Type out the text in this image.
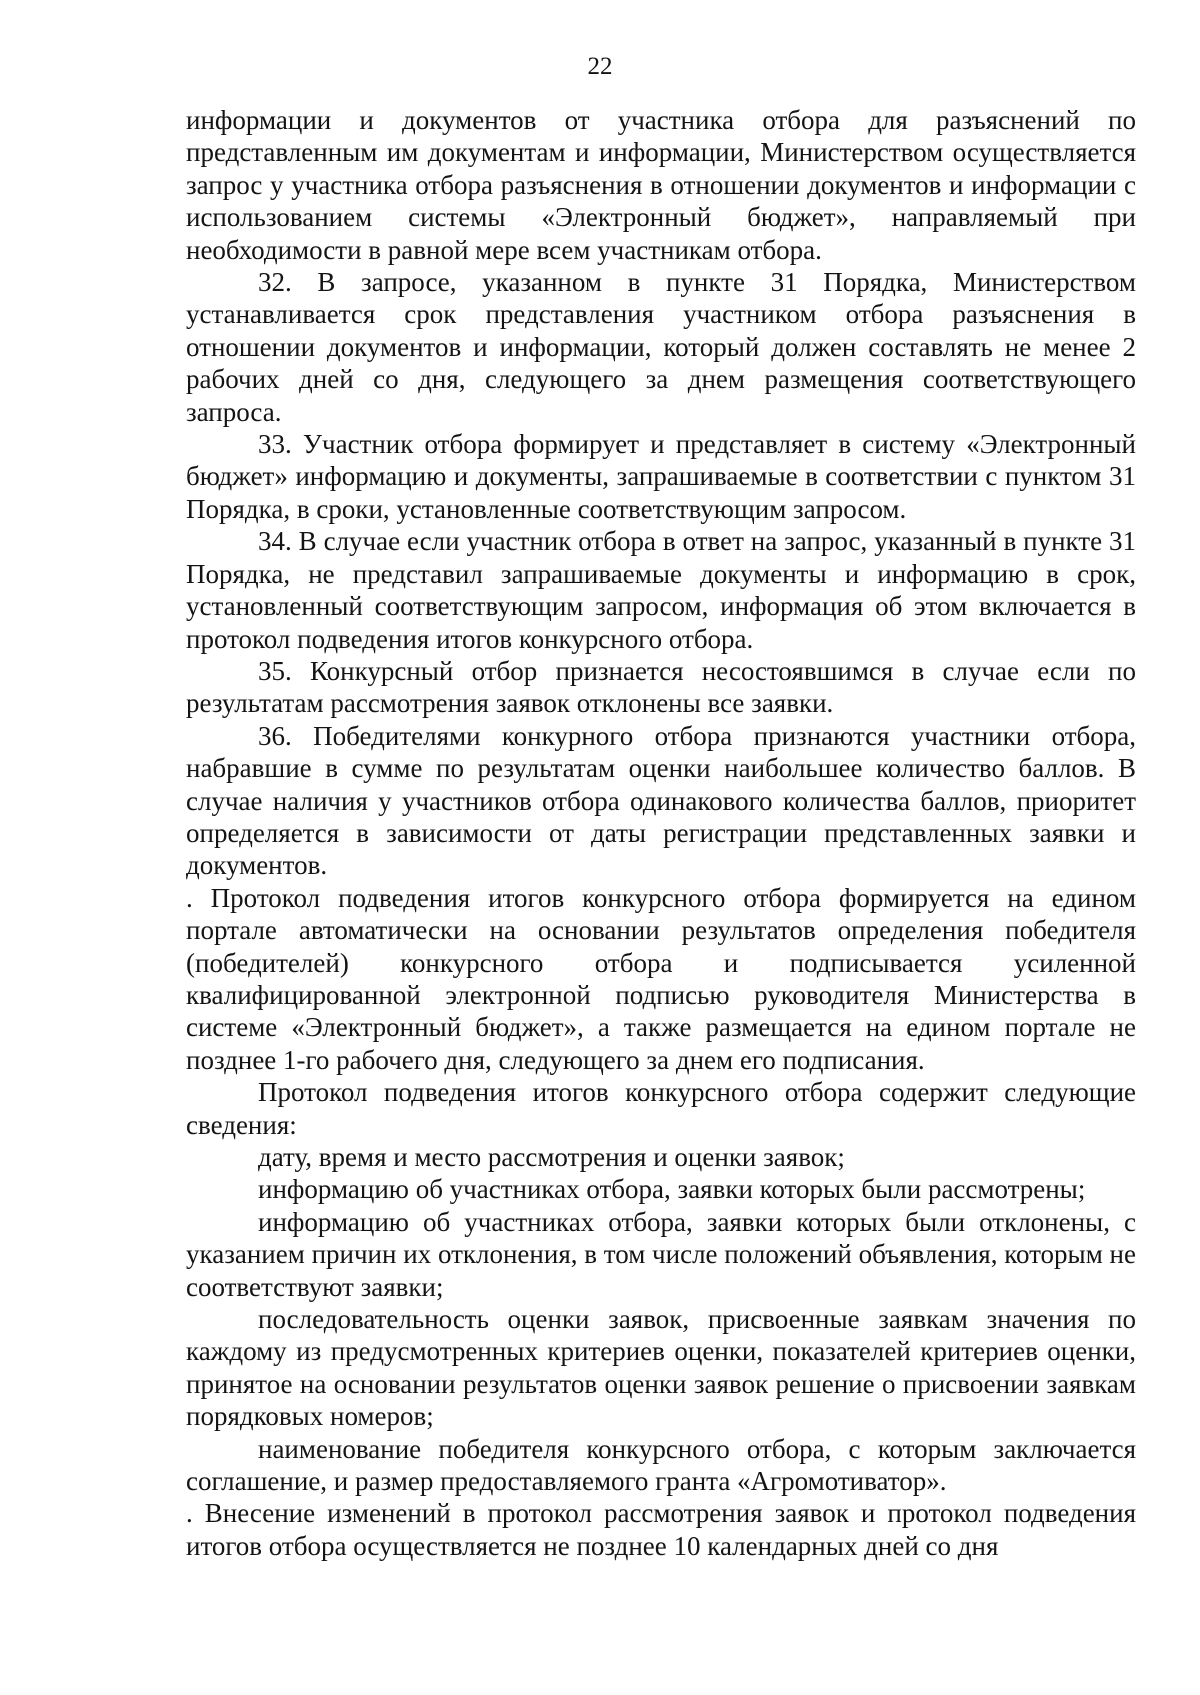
22

информации и документов от участника отбора для разъяснений по представленным им документам и информации, Министерством осуществляется запрос у участника отбора разъяснения в отношении документов и информации с использованием системы «Электронный бюджет», направляемый при необходимости в равной мере всем участникам отбора.

32. В запросе, указанном в пункте 31 Порядка, Министерством устанавливается срок представления участником отбора разъяснения в отношении документов и информации, который должен составлять не менее 2 рабочих дней со дня, следующего за днем размещения соответствующего запроса.

33. Участник отбора формирует и представляет в систему «Электронный бюджет» информацию и документы, запрашиваемые в соответствии с пунктом 31 Порядка, в сроки, установленные соответствующим запросом.

34. В случае если участник отбора в ответ на запрос, указанный в пункте 31 Порядка, не представил запрашиваемые документы и информацию в срок, установленный соответствующим запросом, информация об этом включается в протокол подведения итогов конкурсного отбора.

35. Конкурсный отбор признается несостоявшимся в случае если по результатам рассмотрения заявок отклонены все заявки.

36. Победителями конкурного отбора признаются участники отбора, набравшие в сумме по результатам оценки наибольшее количество баллов. В случае наличия у участников отбора одинакового количества баллов, приоритет определяется в зависимости от даты регистрации представленных заявки и документов.

. Протокол подведения итогов конкурсного отбора формируется на едином портале автоматически на основании результатов определения победителя (победителей) конкурсного отбора и подписывается усиленной квалифицированной электронной подписью руководителя Министерства в системе «Электронный бюджет», а также размещается на едином портале не позднее 1-го рабочего дня, следующего за днем его подписания.

Протокол подведения итогов конкурсного отбора содержит следующие сведения:

дату, время и место рассмотрения и оценки заявок;

информацию об участниках отбора, заявки которых были рассмотрены;

информацию об участниках отбора, заявки которых были отклонены, с указанием причин их отклонения, в том числе положений объявления, которым не соответствуют заявки;

последовательность оценки заявок, присвоенные заявкам значения по каждому из предусмотренных критериев оценки, показателей критериев оценки, принятое на основании результатов оценки заявок решение о присвоении заявкам порядковых номеров;

наименование победителя конкурсного отбора, с которым заключается соглашение, и размер предоставляемого гранта «Агромотиватор».

. Внесение изменений в протокол рассмотрения заявок и протокол подведения итогов отбора осуществляется не позднее 10 календарных дней со дня
